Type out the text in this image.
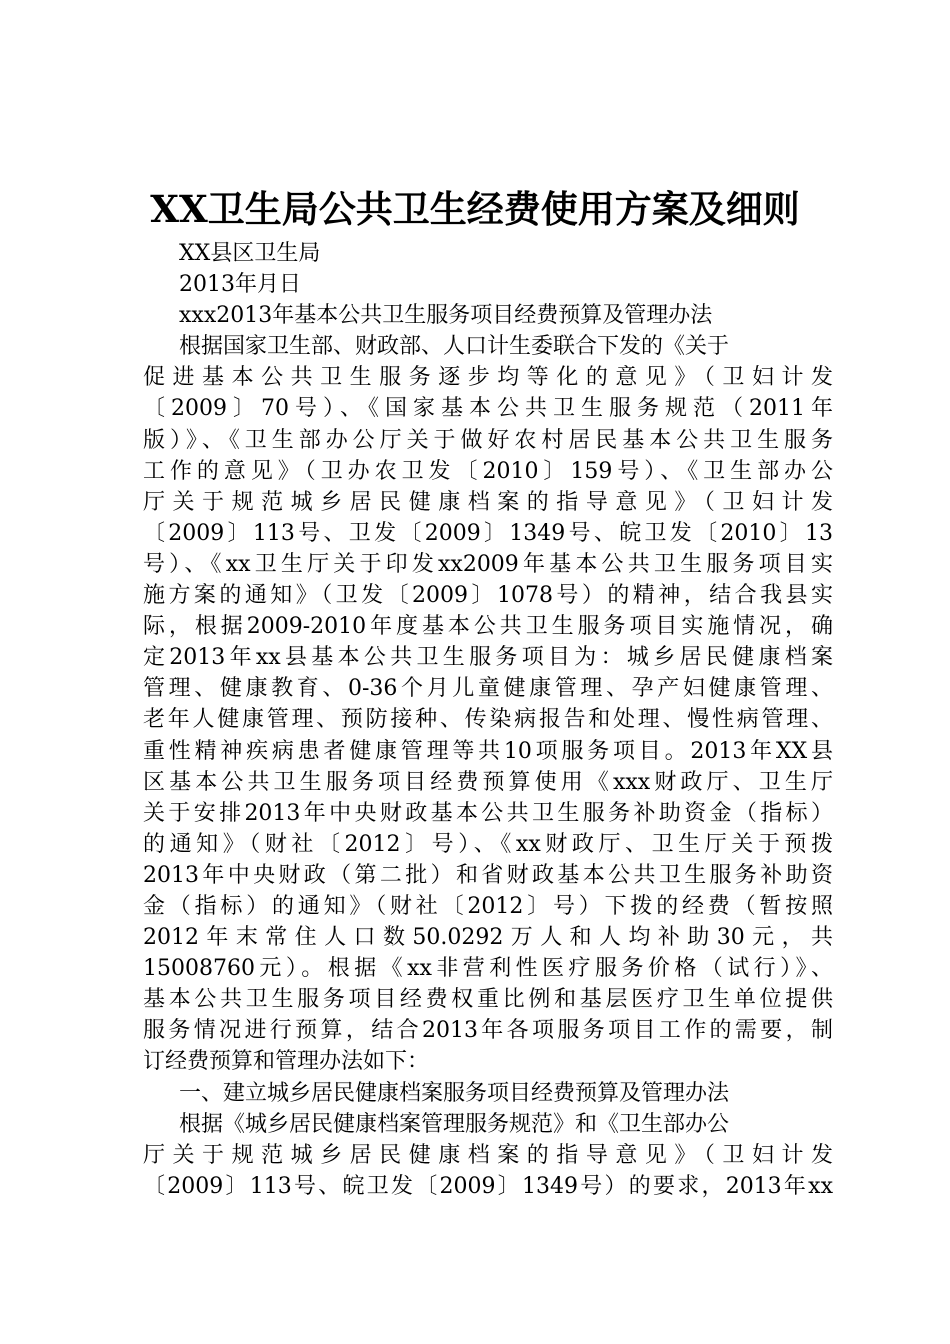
XX卫生局公共卫生经费使用方案及细则
XX县区卫生局
2013年月日
xxx2013年基本公共卫生服务项目经费预算及管理办法
根据国家卫生部、财政部、人口计生委联合下发的《关于
促进基本公共卫生服务逐步均等化的意见》（卫妇计发
〔2009〕70号）、《国家基本公共卫生服务规范（2011年
版）》、《卫生部办公厅关于做好农村居民基本公共卫生服务
工作的意见》（卫办农卫发〔2010〕159号）、《卫生部办公
厅关于规范城乡居民健康档案的指导意见》（卫妇计发
〔2009〕113号、卫发〔2009〕1349号、皖卫发〔2010〕13
号）、《xx卫生厅关于印发xx2009年基本公共卫生服务项目实
施方案的通知》（卫发〔2009〕1078号）的精神，结合我县实
际，根据2009-2010年度基本公共卫生服务项目实施情况，确
定2013年xx县基本公共卫生服务项目为：城乡居民健康档案
管理、健康教育、0-36个月儿童健康管理、孕产妇健康管理、
老年人健康管理、预防接种、传染病报告和处理、慢性病管理、
重性精神疾病患者健康管理等共10项服务项目。2013年XX县
区基本公共卫生服务项目经费预算使用《xxx财政厅、卫生厅
关于安排2013年中央财政基本公共卫生服务补助资金（指标）
的通知》（财社〔2012〕号）、《xx财政厅、卫生厅关于预拨
2013年中央财政（第二批）和省财政基本公共卫生服务补助资
金（指标）的通知》（财社〔2012〕号）下拨的经费（暂按照
2012年末常住人口数50.0292万人和人均补助30元，共
15008760元）。根据《xx非营利性医疗服务价格（试行）》、
基本公共卫生服务项目经费权重比例和基层医疗卫生单位提供
服务情况进行预算，结合2013年各项服务项目工作的需要，制
订经费预算和管理办法如下：
一、建立城乡居民健康档案服务项目经费预算及管理办法
根据《城乡居民健康档案管理服务规范》和《卫生部办公
厅关于规范城乡居民健康档案的指导意见》（卫妇计发
〔2009〕113号、皖卫发〔2009〕1349号）的要求，2013年xx
